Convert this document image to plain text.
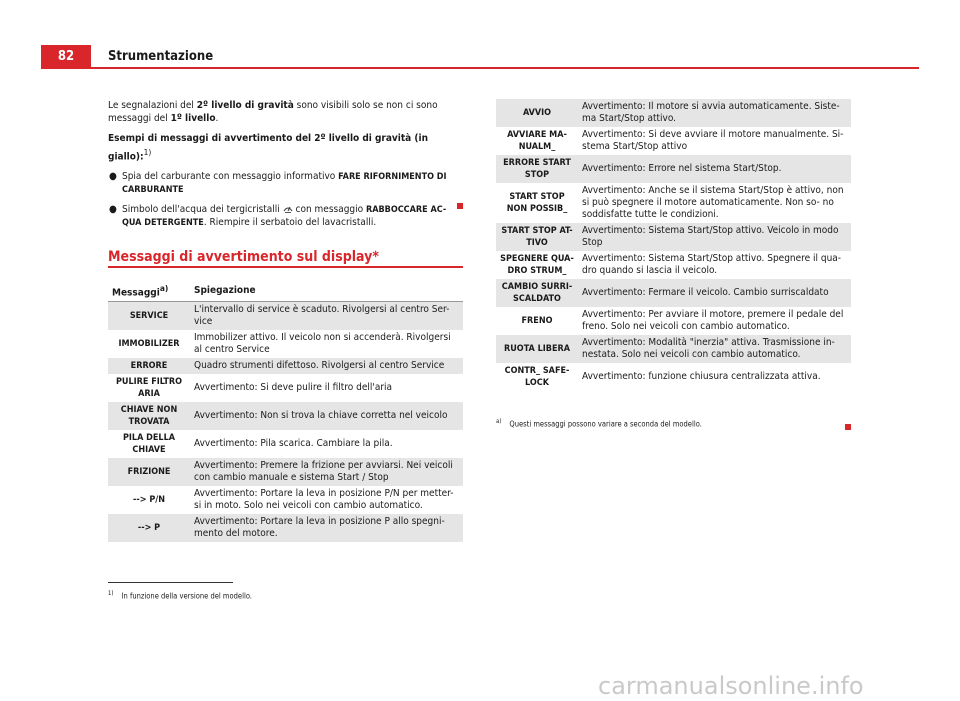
82	Strumentazione

Le segnalazioni del 2º livello di gravità sono visibili solo se non ci sono messaggi del 1º livello.

Esempi di messaggi di avvertimento del 2º livello di gravità (in giallo):$^{1)}$

● Spia del carburante con messaggio informativo FARE RIFORNIMENTO DI CARBURANTE
● Simbolo dell'acqua dei tergicristalli  con messaggio RABBOCCARE AC- QUA DETERGENTE. Riempire il serbatoio del lavacristalli.
Messaggi di avvertimento sul display*
Messaggi$^{a)}$	Spiegazione
SERVICE	L'intervallo di service è scaduto. Rivolgersi al centro Ser- vice
IMMOBILIZER	Immobilizer attivo. Il veicolo non si accenderà. Rivolgersi al centro Service
ERRORE	Quadro strumenti difettoso. Rivolgersi al centro Service
PULIRE FILTRO ARIA	Avvertimento: Si deve pulire il filtro dell'aria
CHIAVE NON TROVATA	Avvertimento: Non si trova la chiave corretta nel veicolo
PILA DELLA CHIAVE	Avvertimento: Pila scarica. Cambiare la pila.
FRIZIONE	Avvertimento: Premere la frizione per avviarsi. Nei veicoli con cambio manuale e sistema Start / Stop
--> P/N	Avvertimento: Portare la leva in posizione P/N per metter- si in moto. Solo nei veicoli con cambio automatico.
--> P	Avvertimento: Portare la leva in posizione P allo spegni- mento del motore.
AVVIO	Avvertimento: Il motore si avvia automaticamente. Siste- ma Start/Stop attivo.
AVVIARE MA- NUALM_	Avvertimento: Si deve avviare il motore manualmente. Si- stema Start/Stop attivo
ERRORE START STOP	Avvertimento: Errore nel sistema Start/Stop.
START STOP NON POSSIB_	Avvertimento: Anche se il sistema Start/Stop è attivo, non si può spegnere il motore automaticamente. Non so- no soddisfatte tutte le condizioni.
START STOP AT- TIVO	Avvertimento: Sistema Start/Stop attivo. Veicolo in modo Stop
SPEGNERE QUA- DRO STRUM_	Avvertimento: Sistema Start/Stop attivo. Spegnere il qua- dro quando si lascia il veicolo.
CAMBIO SURRI- SCALDATO	Avvertimento: Fermare il veicolo. Cambio surriscaldato
FRENO	Avvertimento: Per avviare il motore, premere il pedale del freno. Solo nei veicoli con cambio automatico.
RUOTA LIBERA	Avvertimento: Modalità "inerzia" attiva. Trasmissione in- nestata. Solo nei veicoli con cambio automatico.
CONTR_ SAFE- LOCK	Avvertimento: funzione chiusura centralizzata attiva.
$^{a)}$ Questi messaggi possono variare a seconda del modello.
$^{1)}$ In funzione della versione del modello.
carmanualsonline.info
